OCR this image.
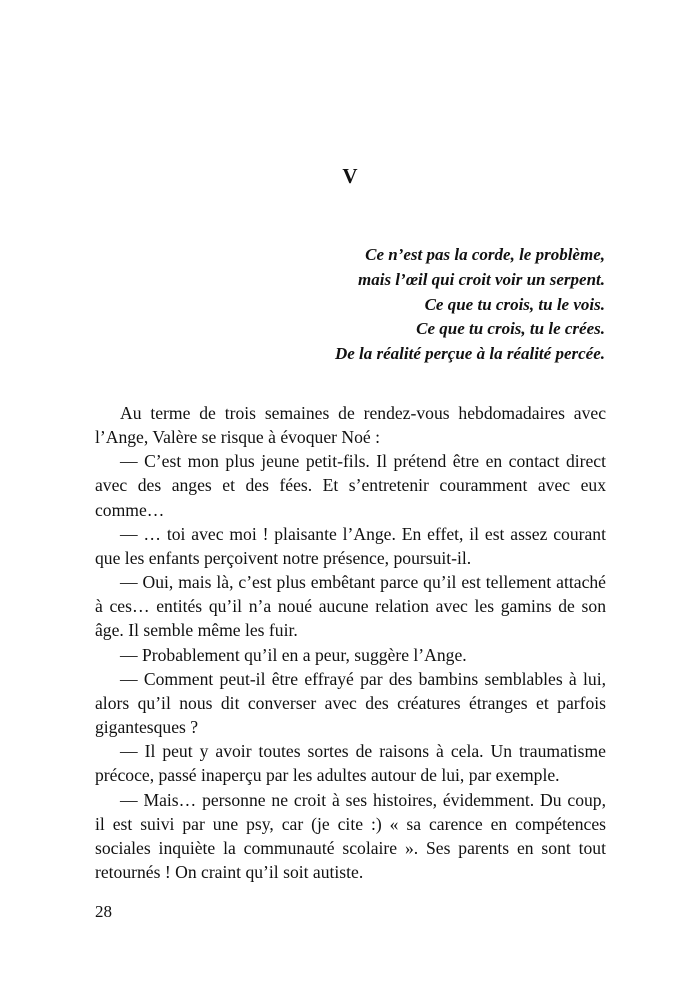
V
Ce n’est pas la corde, le problème,
mais l’œil qui croit voir un serpent.
Ce que tu crois, tu le vois.
Ce que tu crois, tu le crées.
De la réalité perçue à la réalité percée.
Au terme de trois semaines de rendez-vous hebdomadaires avec
l’Ange, Valère se risque à évoquer Noé :
— C’est mon plus jeune petit-fils. Il prétend être en contact direct
avec des anges et des fées. Et s’entretenir couramment avec eux
comme…
— … toi avec moi ! plaisante l’Ange. En effet, il est assez courant
que les enfants perçoivent notre présence, poursuit-il.
— Oui, mais là, c’est plus embêtant parce qu’il est tellement attaché
à ces… entités qu’il n’a noué aucune relation avec les gamins de son
âge. Il semble même les fuir.
— Probablement qu’il en a peur, suggère l’Ange.
— Comment peut-il être effrayé par des bambins semblables à lui,
alors qu’il nous dit converser avec des créatures étranges et parfois
gigantesques ?
— Il peut y avoir toutes sortes de raisons à cela. Un traumatisme
précoce, passé inaperçu par les adultes autour de lui, par exemple.
— Mais… personne ne croit à ses histoires, évidemment. Du coup,
il est suivi par une psy, car (je cite :) « sa carence en compétences
sociales inquiète la communauté scolaire ». Ses parents en sont tout
retournés ! On craint qu’il soit autiste.
28
